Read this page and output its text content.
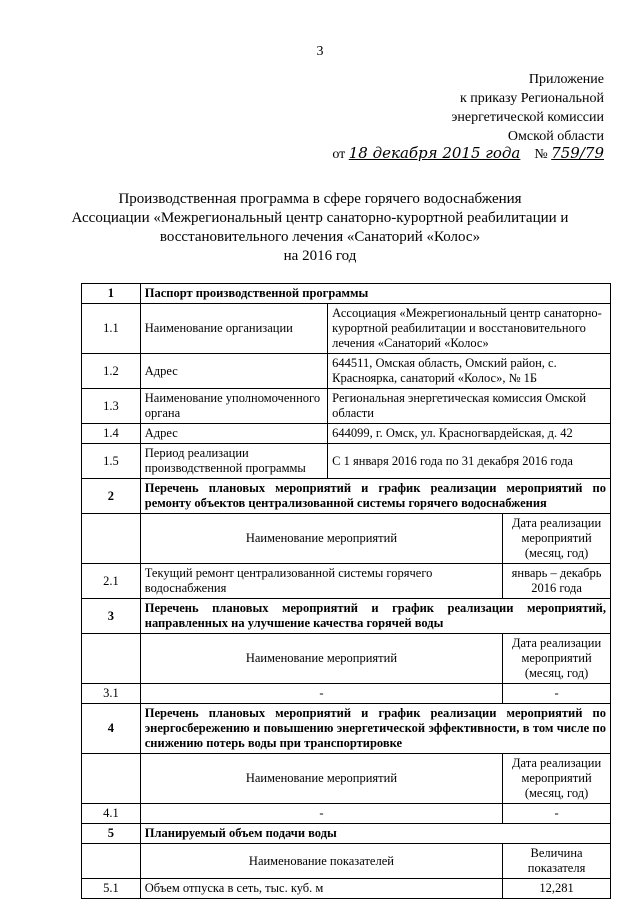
3
Приложение
к приказу Региональной
энергетической комиссии
Омской области
от 18 декабря 2015 года № 759/79
Производственная программа в сфере горячего водоснабжения
Ассоциации «Межрегиональный центр санаторно-курортной реабилитации и
восстановительного лечения «Санаторий «Колос»
на 2016 год
1	Паспорт производственной программы		
1.1	Наименование организации	Ассоциация «Межрегиональный центр санаторно-курортной реабилитации и восстановительного лечения «Санаторий «Колос»	
1.2	Адрес	644511, Омская область, Омский район, с. Красноярка, санаторий «Колос», № 1Б	
1.3	Наименование уполномоченного органа	Региональная энергетическая комиссия Омской области	
1.4	Адрес	644099, г. Омск, ул. Красногвардейская, д. 42	
1.5	Период реализации производственной программы	С 1 января 2016 года по 31 декабря 2016 года	
2	Перечень плановых мероприятий и график реализации мероприятий по ремонту объектов централизованной системы горячего водоснабжения		
	Наименование мероприятий		Дата реализации мероприятий (месяц, год)
2.1	Текущий ремонт централизованной системы горячего водоснабжения		январь – декабрь 2016 года
3	Перечень плановых мероприятий и график реализации мероприятий, направленных на улучшение качества горячей воды		
	Наименование мероприятий		Дата реализации мероприятий (месяц, год)
3.1	-		-
4	Перечень плановых мероприятий и график реализации мероприятий по энергосбережению и повышению энергетической эффективности, в том числе по снижению потерь воды при транспортировке		
	Наименование мероприятий		Дата реализации мероприятий (месяц, год)
4.1	-		-
5	Планируемый объем подачи воды		
	Наименование показателей		Величина показателя
5.1	Объем отпуска в сеть, тыс. куб. м		12,281
